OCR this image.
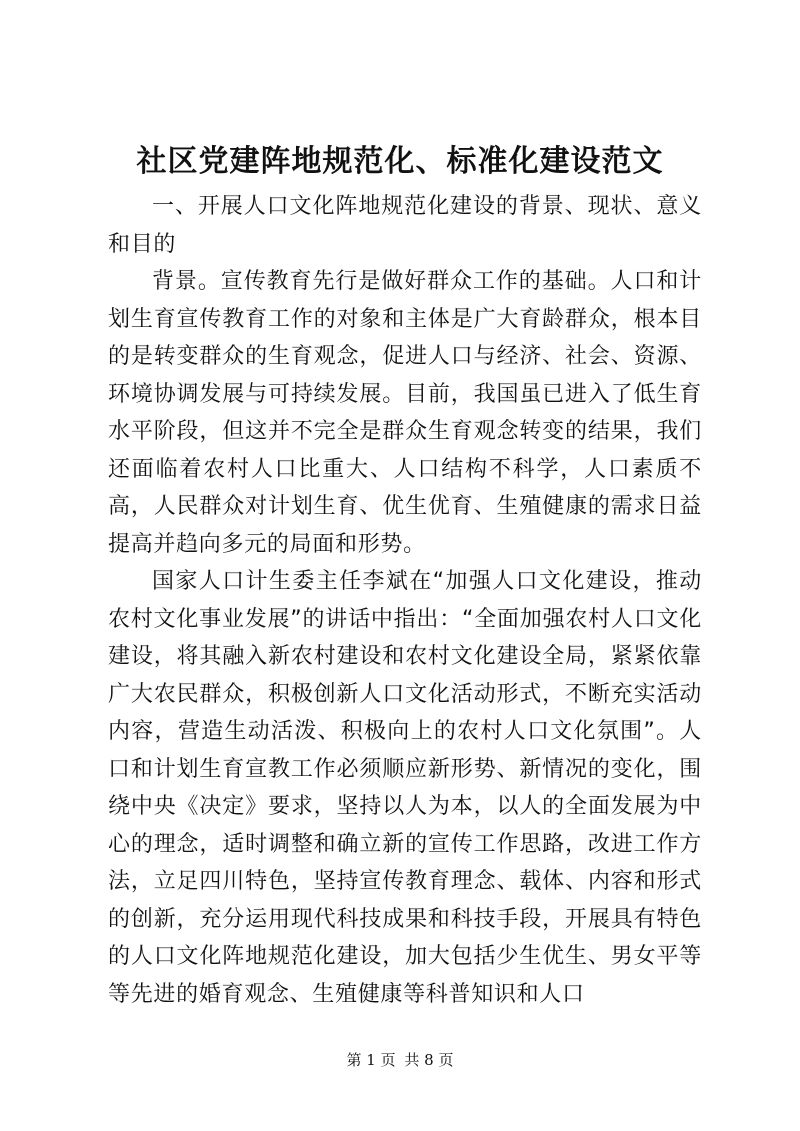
社区党建阵地规范化、标准化建设范文

一、开展人口文化阵地规范化建设的背景、现状、意义和目的

背景。宣传教育先行是做好群众工作的基础。人口和计划生育宣传教育工作的对象和主体是广大育龄群众，根本目的是转变群众的生育观念，促进人口与经济、社会、资源、环境协调发展与可持续发展。目前，我国虽已进入了低生育水平阶段，但这并不完全是群众生育观念转变的结果，我们还面临着农村人口比重大、人口结构不科学，人口素质不高，人民群众对计划生育、优生优育、生殖健康的需求日益提高并趋向多元的局面和形势。

国家人口计生委主任李斌在“加强人口文化建设，推动农村文化事业发展”的讲话中指出：“全面加强农村人口文化建设，将其融入新农村建设和农村文化建设全局，紧紧依靠广大农民群众，积极创新人口文化活动形式，不断充实活动内容，营造生动活泼、积极向上的农村人口文化氛围”。人口和计划生育宣教工作必须顺应新形势、新情况的变化，围绕中央《决定》要求，坚持以人为本，以人的全面发展为中心的理念，适时调整和确立新的宣传工作思路，改进工作方法，立足四川特色，坚持宣传教育理念、载体、内容和形式的创新，充分运用现代科技成果和科技手段，开展具有特色的人口文化阵地规范化建设，加大包括少生优生、男女平等等先进的婚育观念、生殖健康等科普知识和人口

第 1 页 共 8 页
